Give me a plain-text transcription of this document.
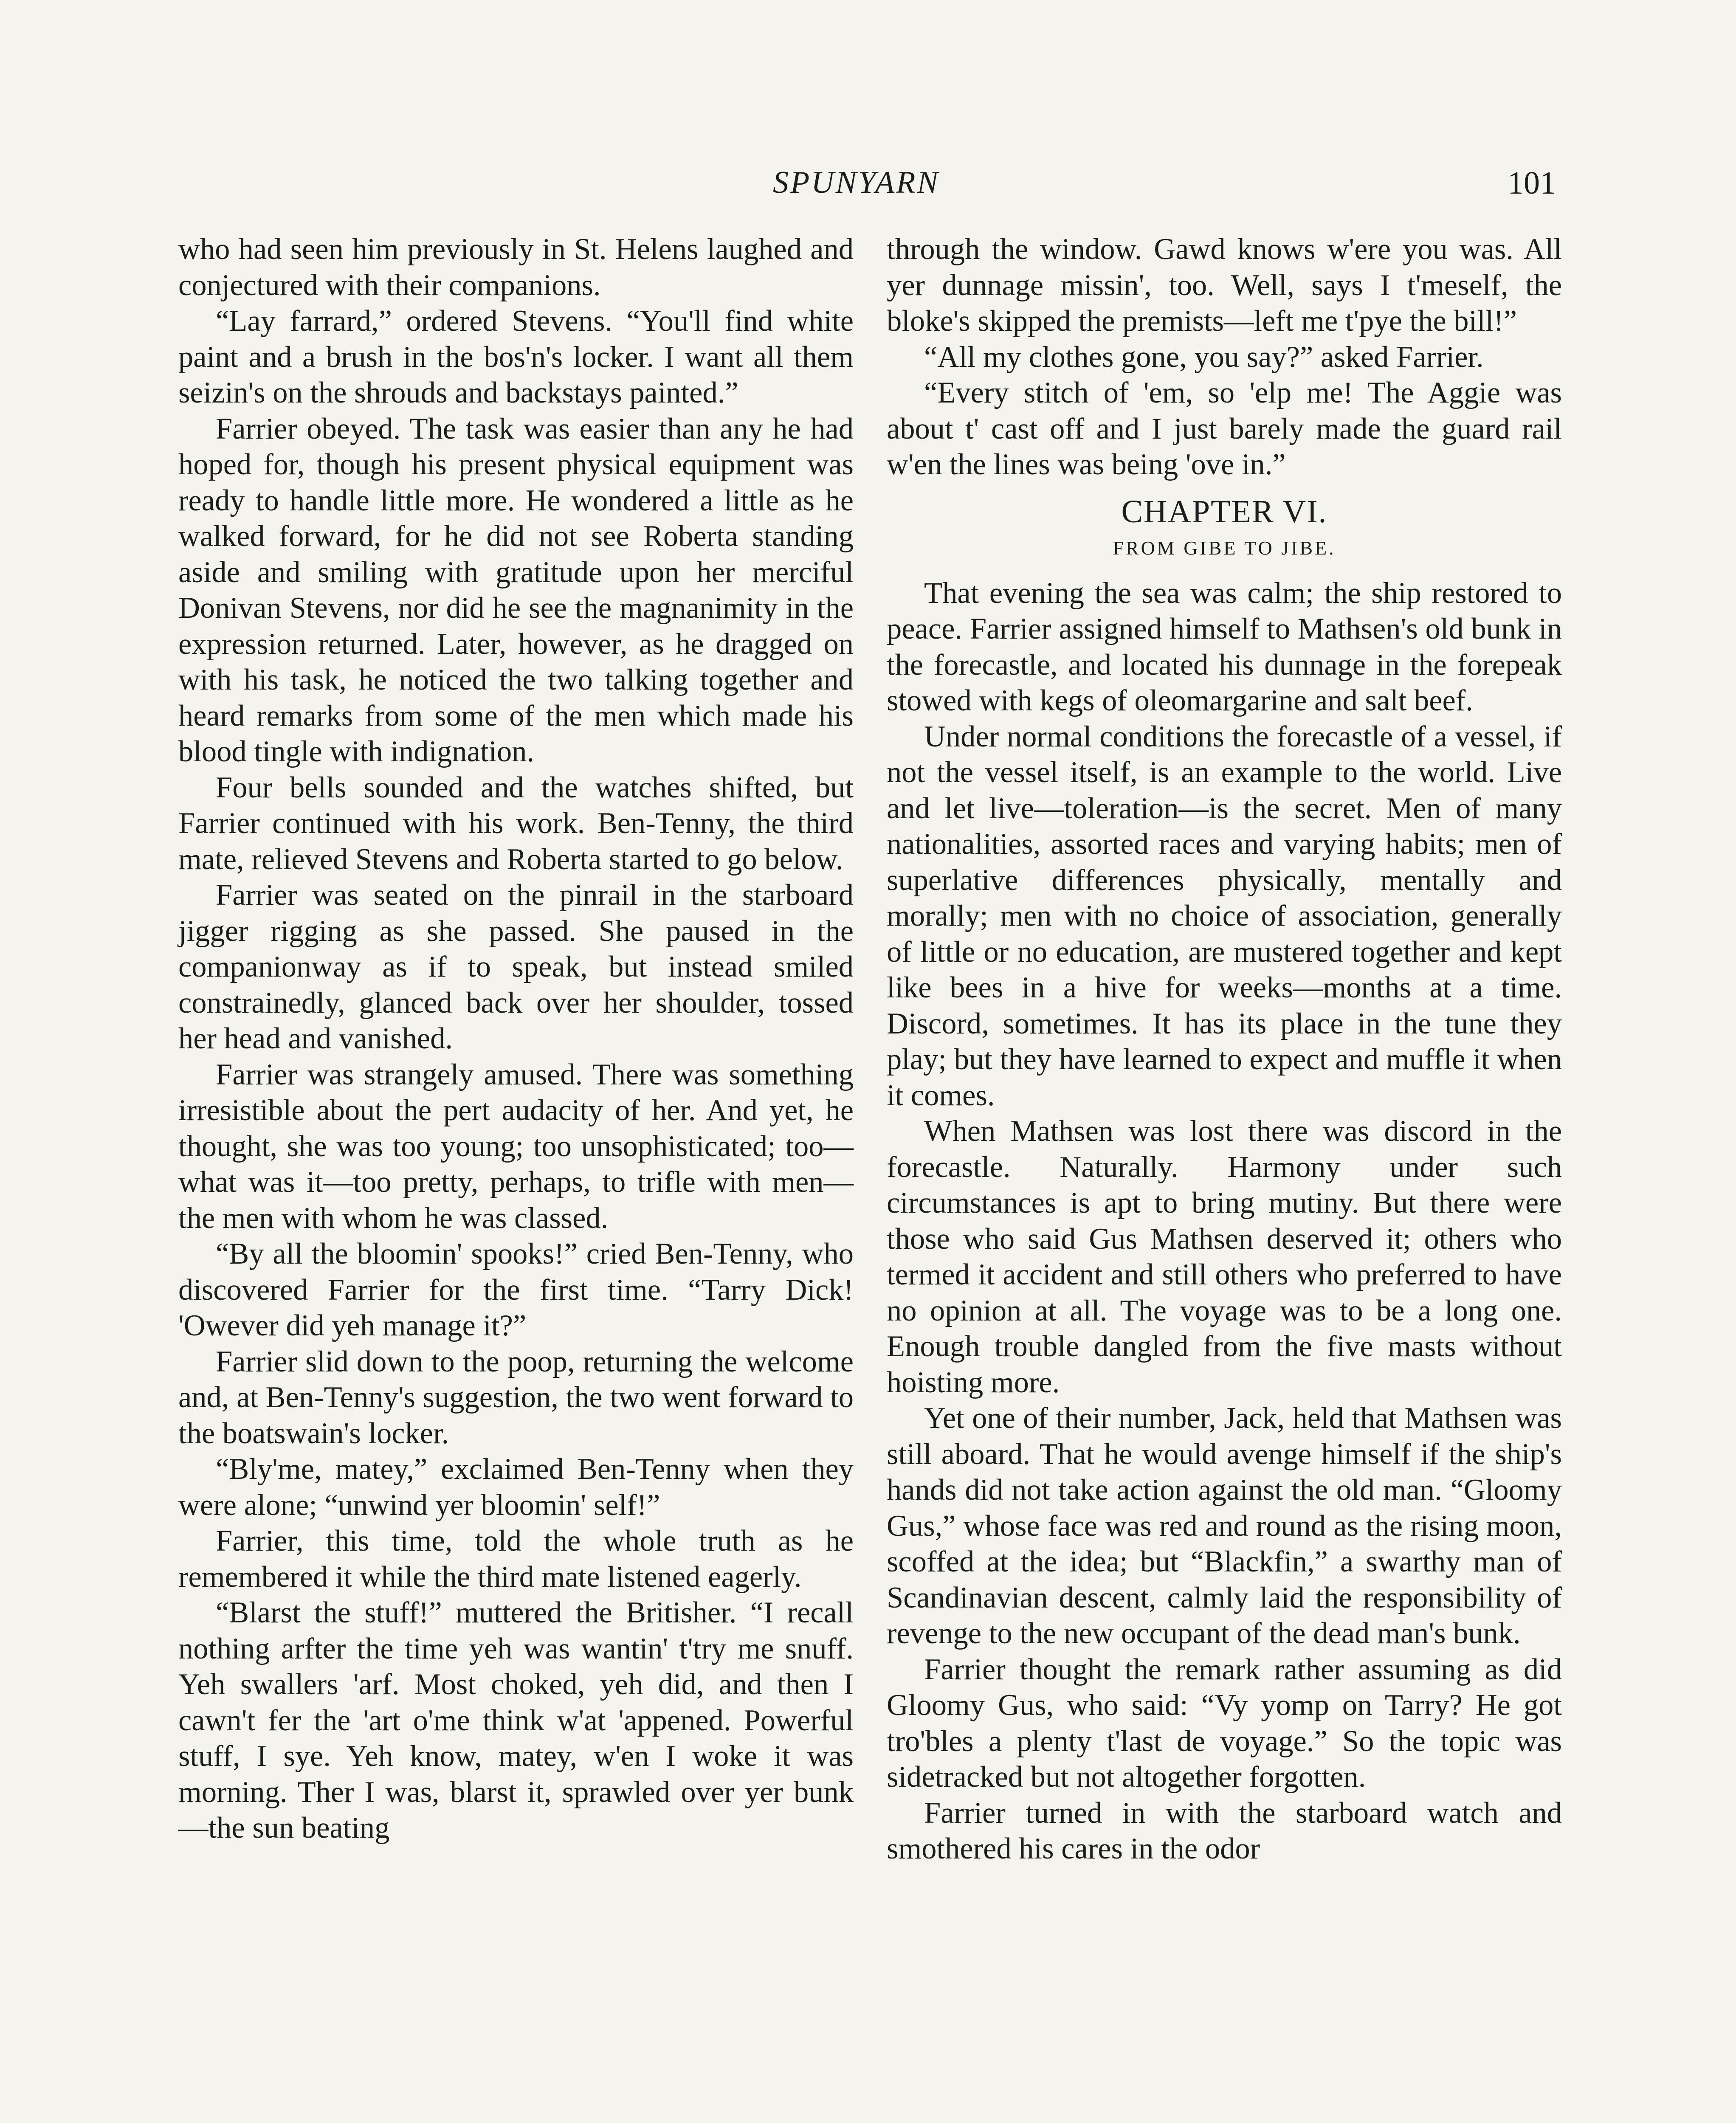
SPUNYARN	101

who had seen him previously in St. Helens laughed and conjectured with their companions.

“Lay farrard,” ordered Stevens. “You'll find white paint and a brush in the bos'n's locker. I want all them seizin's on the shrouds and backstays painted.”

Farrier obeyed. The task was easier than any he had hoped for, though his present physical equipment was ready to handle little more. He wondered a little as he walked forward, for he did not see Roberta standing aside and smiling with gratitude upon her merciful Donivan Stevens, nor did he see the magnanimity in the expression returned. Later, however, as he dragged on with his task, he noticed the two talking together and heard remarks from some of the men which made his blood tingle with indignation.

Four bells sounded and the watches shifted, but Farrier continued with his work. Ben-Tenny, the third mate, relieved Stevens and Roberta started to go below.

Farrier was seated on the pinrail in the starboard jigger rigging as she passed. She paused in the companionway as if to speak, but instead smiled constrainedly, glanced back over her shoulder, tossed her head and vanished.

Farrier was strangely amused. There was something irresistible about the pert audacity of her. And yet, he thought, she was too young; too unsophisticated; too—what was it—too pretty, perhaps, to trifle with men—the men with whom he was classed.

“By all the bloomin' spooks!” cried Ben-Tenny, who discovered Farrier for the first time. “Tarry Dick! 'Owever did yeh manage it?”

Farrier slid down to the poop, returning the welcome and, at Ben-Tenny's suggestion, the two went forward to the boatswain's locker.

“Bly'me, matey,” exclaimed Ben-Tenny when they were alone; “unwind yer bloomin' self!”

Farrier, this time, told the whole truth as he remembered it while the third mate listened eagerly.

“Blarst the stuff!” muttered the Britisher. “I recall nothing arfter the time yeh was wantin' t'try me snuff. Yeh swallers 'arf. Most choked, yeh did, and then I cawn't fer the 'art o'me think w'at 'appened. Powerful stuff, I sye. Yeh know, matey, w'en I woke it was morning. Ther I was, blarst it, sprawled over yer bunk—the sun beating

through the window. Gawd knows w'ere you was. All yer dunnage missin', too. Well, says I t'meself, the bloke's skipped the premists—left me t'pye the bill!”

“All my clothes gone, you say?” asked Farrier.

“Every stitch of 'em, so 'elp me! The Aggie was about t' cast off and I just barely made the guard rail w'en the lines was being 'ove in.”

CHAPTER VI.
FROM GIBE TO JIBE.

That evening the sea was calm; the ship restored to peace. Farrier assigned himself to Mathsen's old bunk in the forecastle, and located his dunnage in the forepeak stowed with kegs of oleomargarine and salt beef.

Under normal conditions the forecastle of a vessel, if not the vessel itself, is an example to the world. Live and let live—toleration—is the secret. Men of many nationalities, assorted races and varying habits; men of superlative differences physically, mentally and morally; men with no choice of association, generally of little or no education, are mustered together and kept like bees in a hive for weeks—months at a time. Discord, sometimes. It has its place in the tune they play; but they have learned to expect and muffle it when it comes.

When Mathsen was lost there was discord in the forecastle. Naturally. Harmony under such circumstances is apt to bring mutiny. But there were those who said Gus Mathsen deserved it; others who termed it accident and still others who preferred to have no opinion at all. The voyage was to be a long one. Enough trouble dangled from the five masts without hoisting more.

Yet one of their number, Jack, held that Mathsen was still aboard. That he would avenge himself if the ship's hands did not take action against the old man. “Gloomy Gus,” whose face was red and round as the rising moon, scoffed at the idea; but “Blackfin,” a swarthy man of Scandinavian descent, calmly laid the responsibility of revenge to the new occupant of the dead man's bunk.

Farrier thought the remark rather assuming as did Gloomy Gus, who said: “Vy yomp on Tarry? He got tro'bles a plenty t'last de voyage.” So the topic was sidetracked but not altogether forgotten.

Farrier turned in with the starboard watch and smothered his cares in the odor
